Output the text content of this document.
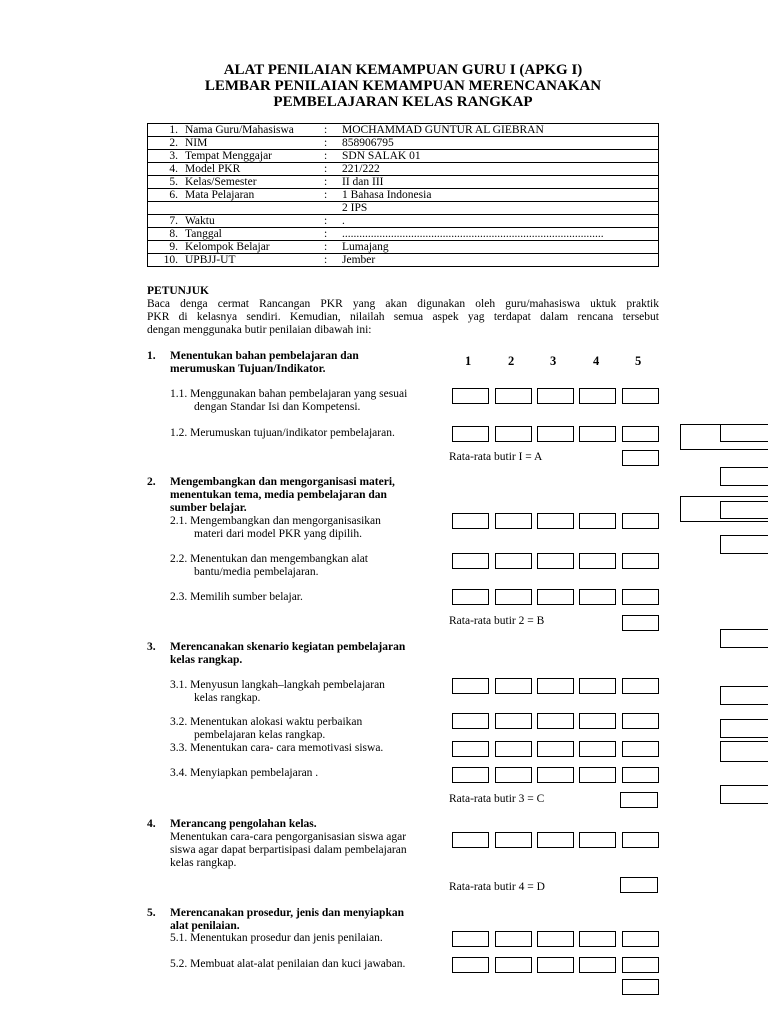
ALAT PENILAIAN KEMAMPUAN GURU I (APKG I)
LEMBAR PENILAIAN KEMAMPUAN MERENCANAKAN
PEMBELAJARAN KELAS RANGKAP
1.	Nama Guru/Mahasiswa	:	MOCHAMMAD GUNTUR AL GIEBRAN
2.	NIM	:	858906795
3.	Tempat Menggajar	:	SDN SALAK 01
4.	Model PKR	:	221/222
5.	Kelas/Semester	:	II dan III
6.	Mata Pelajaran	:	1 Bahasa Indonesia
			2 IPS
7.	Waktu	:	.
8.	Tanggal	:	...........................................................................................
9.	Kelompok Belajar	:	Lumajang
10.	UPBJJ-UT	:	Jember
PETUNJUK
Baca denga cermat Rancangan PKR yang akan digunakan oleh guru/mahasiswa uktuk praktik
PKR di kelasnya sendiri. Kemudian, nilailah semua aspek yag terdapat dalam rencana tersebut
dengan menggunaka butir penilaian dibawah ini:
1	2	3	4	5
1. Menentukan bahan pembelajaran dan
merumuskan Tujuan/Indikator.
1.1. Menggunakan bahan pembelajaran yang sesuai
dengan Standar Isi dan Kompetensi.
1.2. Merumuskan tujuan/indikator pembelajaran.
Rata-rata butir I = A
2. Mengembangkan dan mengorganisasi materi,
menentukan tema, media pembelajaran dan
sumber belajar.
2.1. Mengembangkan dan mengorganisasikan
materi dari model PKR yang dipilih.
2.2. Menentukan dan mengembangkan alat
bantu/media pembelajaran.
2.3. Memilih sumber belajar.
Rata-rata butir 2 = B
3. Merencanakan skenario kegiatan pembelajaran
kelas rangkap.
3.1. Menyusun langkah–langkah pembelajaran
kelas rangkap.
3.2. Menentukan alokasi waktu perbaikan
pembelajaran kelas rangkap.
3.3. Menentukan cara- cara memotivasi siswa.
3.4. Menyiapkan pembelajaran .
Rata-rata butir 3 = C
4. Merancang pengolahan kelas.
Menentukan cara-cara pengorganisasian siswa agar
siswa agar dapat berpartisipasi dalam pembelajaran
kelas rangkap.
Rata-rata butir 4 = D
5. Merencanakan prosedur, jenis dan menyiapkan
alat penilaian.
5.1. Menentukan prosedur dan jenis penilaian.
5.2. Membuat alat-alat penilaian dan kuci jawaban.
